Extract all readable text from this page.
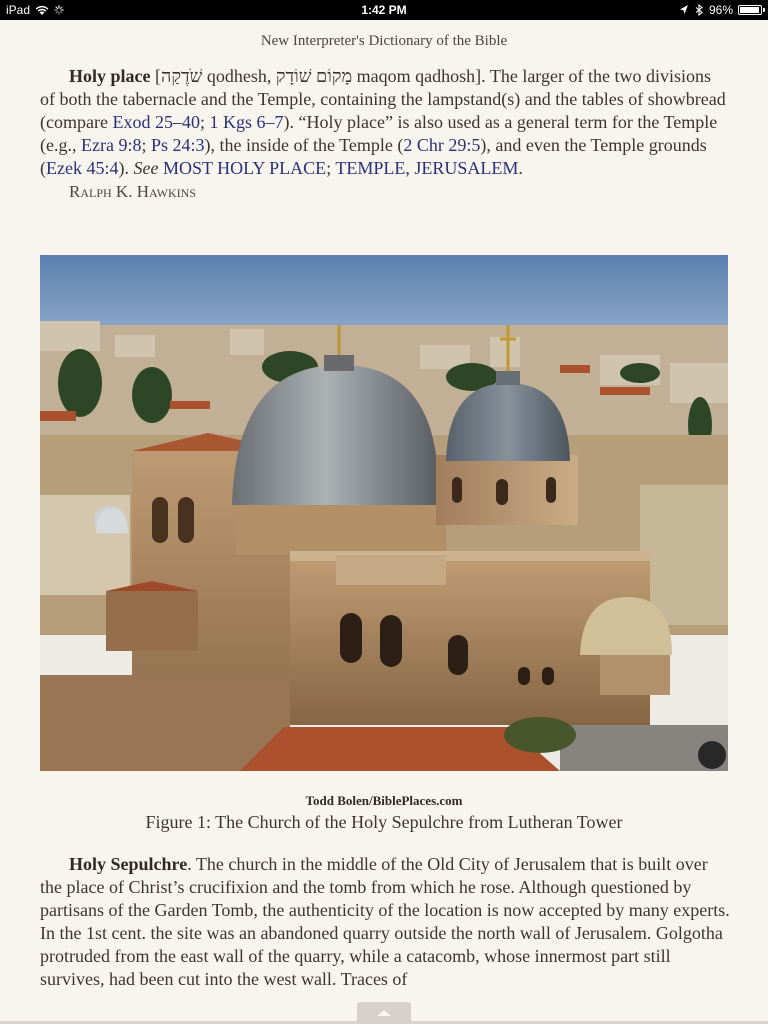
iPad	1:42 PM	96%
New Interpreter's Dictionary of the Bible

Holy place [שֹׁדֶקַה qodhesh, מָקוֹם שׁוֹדָק maqom qadhosh]. The larger of the two divisions of both the tabernacle and the Temple, containing the lampstand(s) and the tables of showbread (compare Exod 25–40; 1 Kgs 6–7). “Holy place” is also used as a general term for the Temple (e.g., Ezra 9:8; Ps 24:3), the inside of the Temple (2 Chr 29:5), and even the Temple grounds (Ezek 45:4). See MOST HOLY PLACE; TEMPLE, JERUSALEM.

Ralph K. Hawkins

Todd Bolen/BiblePlaces.com
Figure 1: The Church of the Holy Sepulchre from Lutheran Tower

Holy Sepulchre. The church in the middle of the Old City of Jerusalem that is built over the place of Christ’s crucifixion and the tomb from which he rose. Although questioned by partisans of the Garden Tomb, the authenticity of the location is now accepted by many experts. In the 1st cent. the site was an abandoned quarry outside the north wall of Jerusalem. Golgotha protruded from the east wall of the quarry, while a catacomb, whose innermost part still survives, had been cut into the west wall. Traces of
